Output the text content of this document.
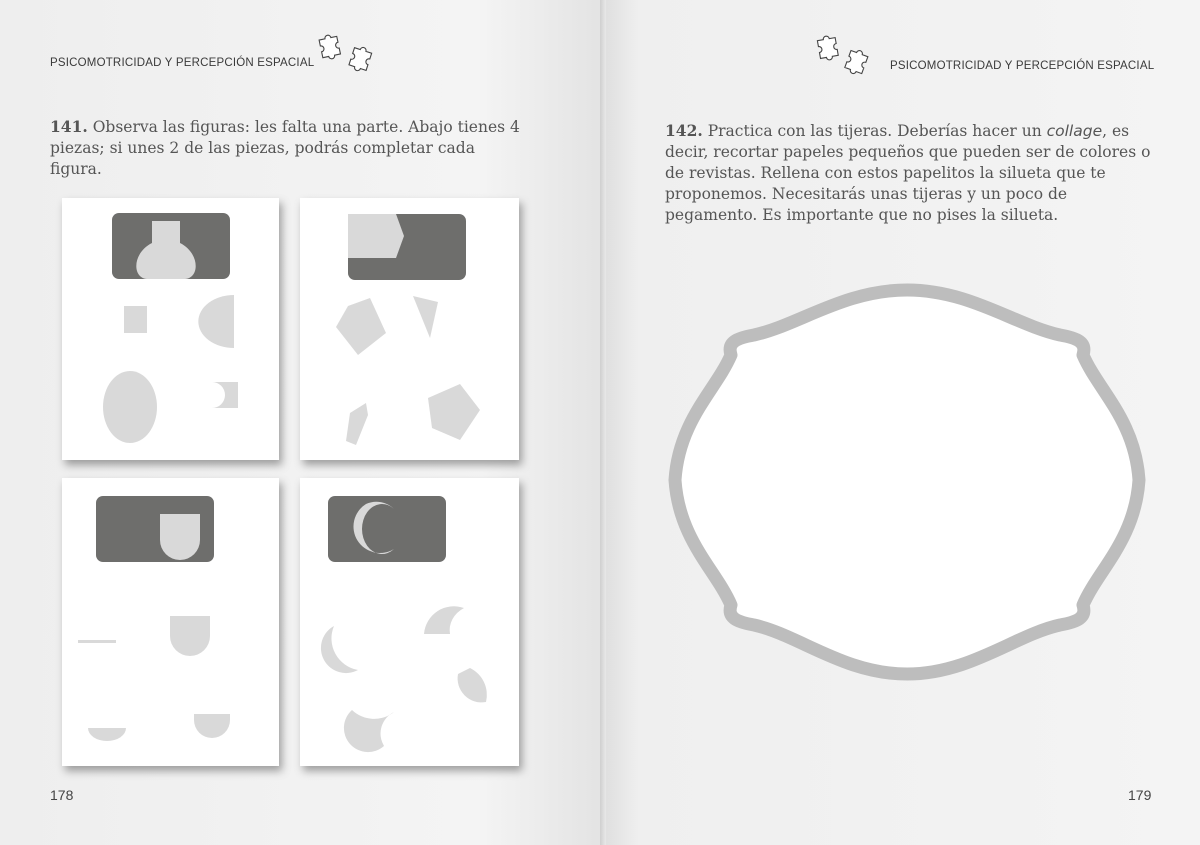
PSICOMOTRICIDAD Y PERCEPCIÓN ESPACIAL

141. Observa las figuras: les falta una parte. Abajo tienes 4 piezas; si unes 2 de las piezas, podrás completar cada figura.

178
PSICOMOTRICIDAD Y PERCEPCIÓN ESPACIAL

142. Practica con las tijeras. Deberías hacer un collage, es decir, recortar papeles pequeños que pueden ser de colores o de revistas. Rellena con estos papelitos la silueta que te proponemos. Necesitarás unas tijeras y un poco de pegamento. Es importante que no pises la silueta.

179
